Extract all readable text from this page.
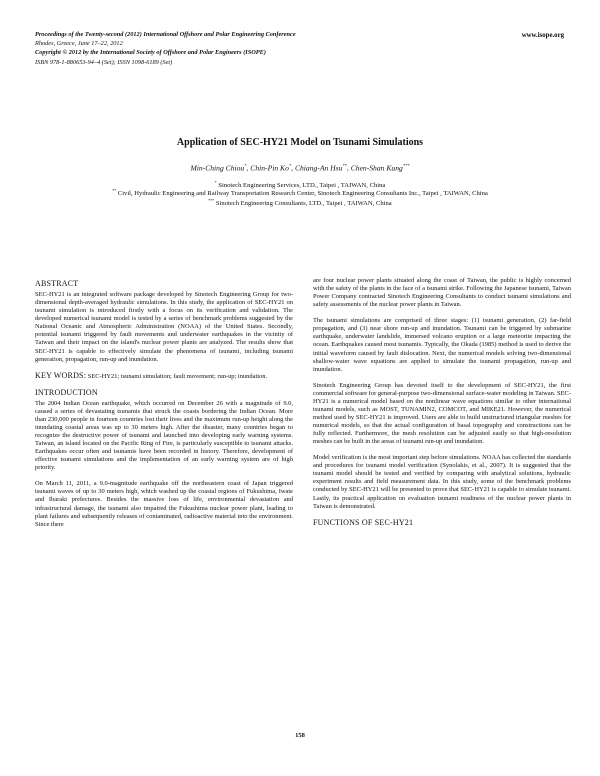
Proceedings of the Twenty-second (2012) International Offshore and Polar Engineering Conference
Rhodes, Greece, June 17–22, 2012
Copyright © 2012 by the International Society of Offshore and Polar Engineers (ISOPE)
ISBN 978-1-880653-94–4 (Set); ISSN 1098-6189 (Set)
www.isope.org
Application of SEC-HY21 Model on Tsunami Simulations
Min-Ching Chiou*, Chin-Pin Ko*, Chiang-An Hsu**, Chen-Shan Kung***
* Sinotech Engineering Services, LTD., Taipei , TAIWAN, China
** Civil, Hydraulic Engineering and Railway Transportation Research Center, Sinotech Engineering Consultants Inc., Taipei , TAIWAN, China
*** Sinotech Engineering Consultants, LTD., Taipei , TAIWAN, China
ABSTRACT

SEC-HY21 is an integrated software package developed by Sinotech Engineering Group for two-dimensional depth-averaged hydraulic simulations. In this study, the application of SEC-HY21 on tsunami simulation is introduced firstly with a focus on its verification and validation. The developed numerical tsunami model is tested by a series of benchmark problems suggested by the National Oceanic and Atmospheric Administration (NOAA) of the United States. Secondly, potential tsunami triggered by fault movements and underwater earthquakes in the vicinity of Taiwan and their impact on the island's nuclear power plants are analyzed. The results show that SEC-HY21 is capable to effectively simulate the phenomena of tsunami, including tsunami generation, propagation, run-up and inundation.

KEY WORDS: SEC-HY21; tsunami simulation; fault movement; run-up; inundation.

INTRODUCTION

The 2004 Indian Ocean earthquake, which occurred on December 26 with a magnitude of 9.0, caused a series of devastating tsunamis that struck the coasts bordering the Indian Ocean. More than 230,000 people in fourteen countries lost their lives and the maximum run-up height along the inundating coastal areas was up to 30 meters high. After the disaster, many countries began to recognize the destructive power of tsunami and launched into developing early warning systems. Taiwan, an island located on the Pacific Ring of Fire, is particularly susceptible to tsunami attacks. Earthquakes occur often and tsunamis have been recorded in history. Therefore, development of effective tsunami simulations and the implementation of an early warning system are of high priority.

On March 11, 2011, a 9.0-magnitude earthquake off the northeastern coast of Japan triggered tsunami waves of up to 30 meters high, which washed up the coastal regions of Fukushima, Iwate and Ibaraki prefectures. Besides the massive loss of life, environmental devastation and infrastructural damage, the tsunami also impaired the Fukushima nuclear power plant, leading to plant failures and subsequently releases of contaminated, radioactive material into the environment. Since there

are four nuclear power plants situated along the coast of Taiwan, the public is highly concerned with the safety of the plants in the face of a tsunami strike. Following the Japanese tsunami, Taiwan Power Company contracted Sinotech Engineering Consultants to conduct tsunami simulations and safety assessments of the nuclear power plants in Taiwan.

The tsunami simulations are comprised of three stages: (1) tsunami generation, (2) far-field propagation, and (3) near shore run-up and inundation. Tsunami can be triggered by submarine earthquake, underwater landslide, immersed volcano eruption or a large meteorite impacting the ocean. Earthquakes caused most tsunamis. Typically, the Okada (1985) method is used to derive the initial waveform caused by fault dislocation. Next, the numerical models solving two-dimensional shallow-water wave equations are applied to simulate the tsunami propagation, run-up and inundation.

Sinotech Engineering Group has devoted itself to the development of SEC-HY21, the first commercial software for general-purpose two-dimensional surface-water modeling in Taiwan. SEC-HY21 is a numerical model based on the nonlinear wave equations similar to other international tsunami models, such as MOST, TUNAMIN2, COMCOT, and MIKE21. However, the numerical method used by SEC-HY21 is improved. Users are able to build unstructured triangular meshes for numerical models, so that the actual configuration of basal topography and constructions can be fully reflected. Furthermore, the mesh resolution can be adjusted easily so that high-resolution meshes can be built in the areas of tsunami run-up and inundation.

Model verification is the most important step before simulations. NOAA has collected the standards and procedures for tsunami model verification (Synolakis, et al., 2007). It is suggested that the tsunami model should be tested and verified by comparing with analytical solutions, hydraulic experiment results and field measurement data. In this study, some of the benchmark problems conducted by SEC-HY21 will be presented to prove that SEC-HY21 is capable to simulate tsunami. Lastly, its practical application on evaluation tsunami readiness of the nuclear power plants in Taiwan is demonstrated.

FUNCTIONS OF SEC-HY21
158
